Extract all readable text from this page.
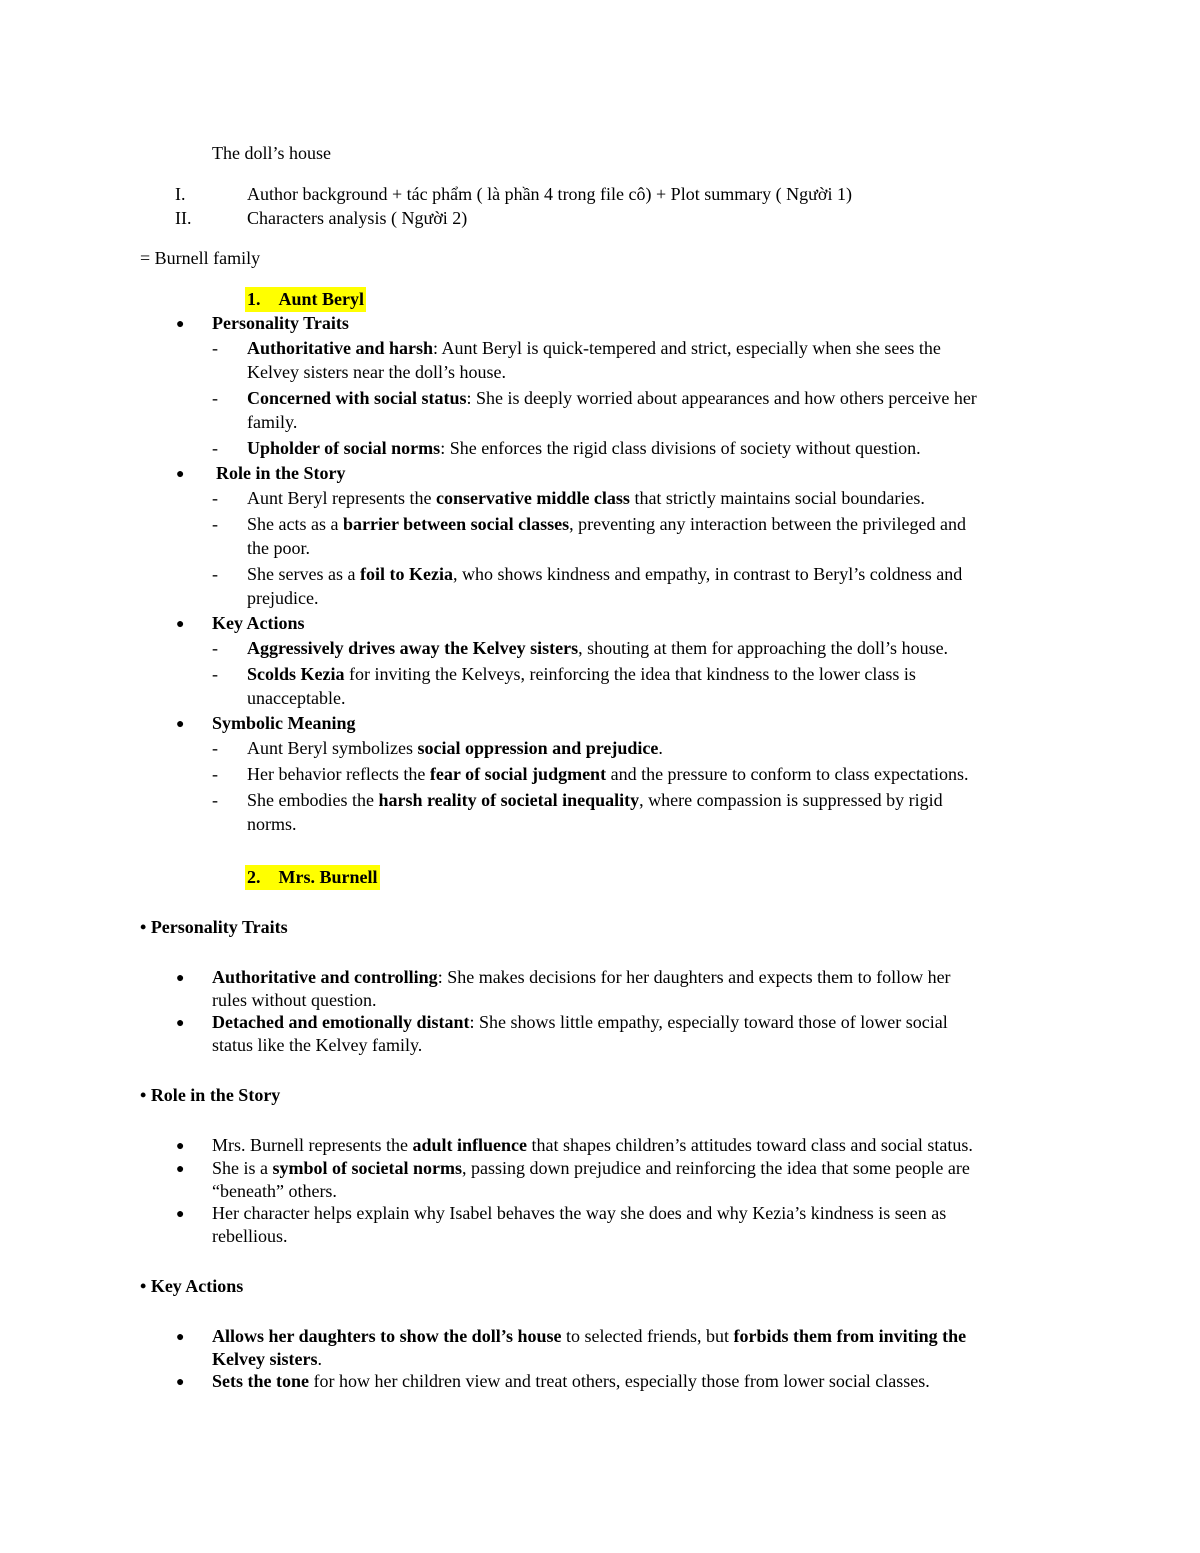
The doll’s house
I.	Author background + tác phẩm ( là phần 4 trong file cô) + Plot summary ( Người 1)
II.	Characters analysis ( Người 2)
= Burnell family
1. Aunt Beryl
● Personality Traits
- Authoritative and harsh: Aunt Beryl is quick-tempered and strict, especially when she sees the
Kelvey sisters near the doll’s house.
- Concerned with social status: She is deeply worried about appearances and how others perceive her
family.
- Upholder of social norms: She enforces the rigid class divisions of society without question.
● Role in the Story
- Aunt Beryl represents the conservative middle class that strictly maintains social boundaries.
- She acts as a barrier between social classes, preventing any interaction between the privileged and
the poor.
- She serves as a foil to Kezia, who shows kindness and empathy, in contrast to Beryl’s coldness and
prejudice.
● Key Actions
- Aggressively drives away the Kelvey sisters, shouting at them for approaching the doll’s house.
- Scolds Kezia for inviting the Kelveys, reinforcing the idea that kindness to the lower class is
unacceptable.
● Symbolic Meaning
- Aunt Beryl symbolizes social oppression and prejudice.
- Her behavior reflects the fear of social judgment and the pressure to conform to class expectations.
- She embodies the harsh reality of societal inequality, where compassion is suppressed by rigid
norms.
2. Mrs. Burnell
• Personality Traits
● Authoritative and controlling: She makes decisions for her daughters and expects them to follow her
rules without question.
● Detached and emotionally distant: She shows little empathy, especially toward those of lower social
status like the Kelvey family.
• Role in the Story
● Mrs. Burnell represents the adult influence that shapes children’s attitudes toward class and social status.
● She is a symbol of societal norms, passing down prejudice and reinforcing the idea that some people are
“beneath” others.
● Her character helps explain why Isabel behaves the way she does and why Kezia’s kindness is seen as
rebellious.
• Key Actions
● Allows her daughters to show the doll’s house to selected friends, but forbids them from inviting the
Kelvey sisters.
● Sets the tone for how her children view and treat others, especially those from lower social classes.
